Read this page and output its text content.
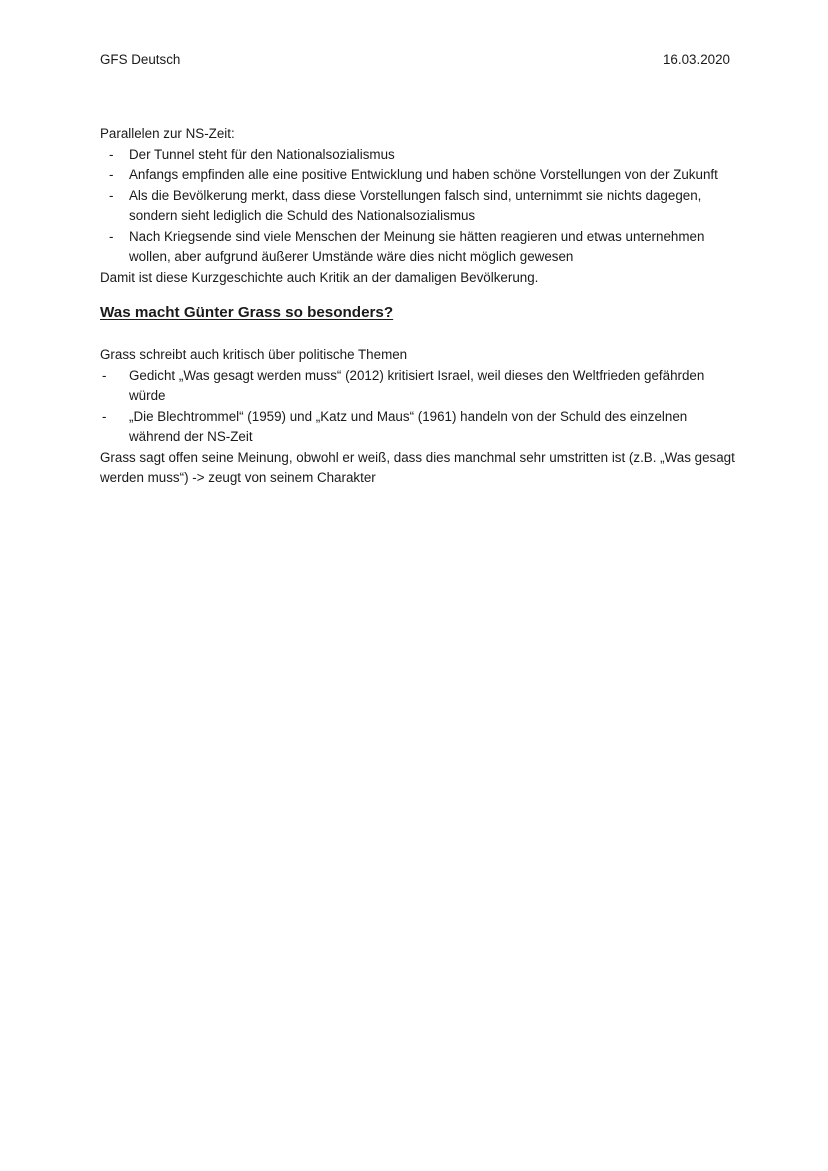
GFS Deutsch	16.03.2020

Parallelen zur NS-Zeit:

- Der Tunnel steht für den Nationalsozialismus
- Anfangs empfinden alle eine positive Entwicklung und haben schöne Vorstellungen von der Zukunft
- Als die Bevölkerung merkt, dass diese Vorstellungen falsch sind, unternimmt sie nichts dagegen, sondern sieht lediglich die Schuld des Nationalsozialismus
- Nach Kriegsende sind viele Menschen der Meinung sie hätten reagieren und etwas unternehmen wollen, aber aufgrund äußerer Umstände wäre dies nicht möglich gewesen

Damit ist diese Kurzgeschichte auch Kritik an der damaligen Bevölkerung.

Was macht Günter Grass so besonders?

Grass schreibt auch kritisch über politische Themen

- Gedicht „Was gesagt werden muss“ (2012) kritisiert Israel, weil dieses den Weltfrieden gefährden würde
- „Die Blechtrommel“ (1959) und „Katz und Maus“ (1961) handeln von der Schuld des einzelnen während der NS-Zeit

Grass sagt offen seine Meinung, obwohl er weiß, dass dies manchmal sehr umstritten ist (z.B. „Was gesagt werden muss“) -> zeugt von seinem Charakter
